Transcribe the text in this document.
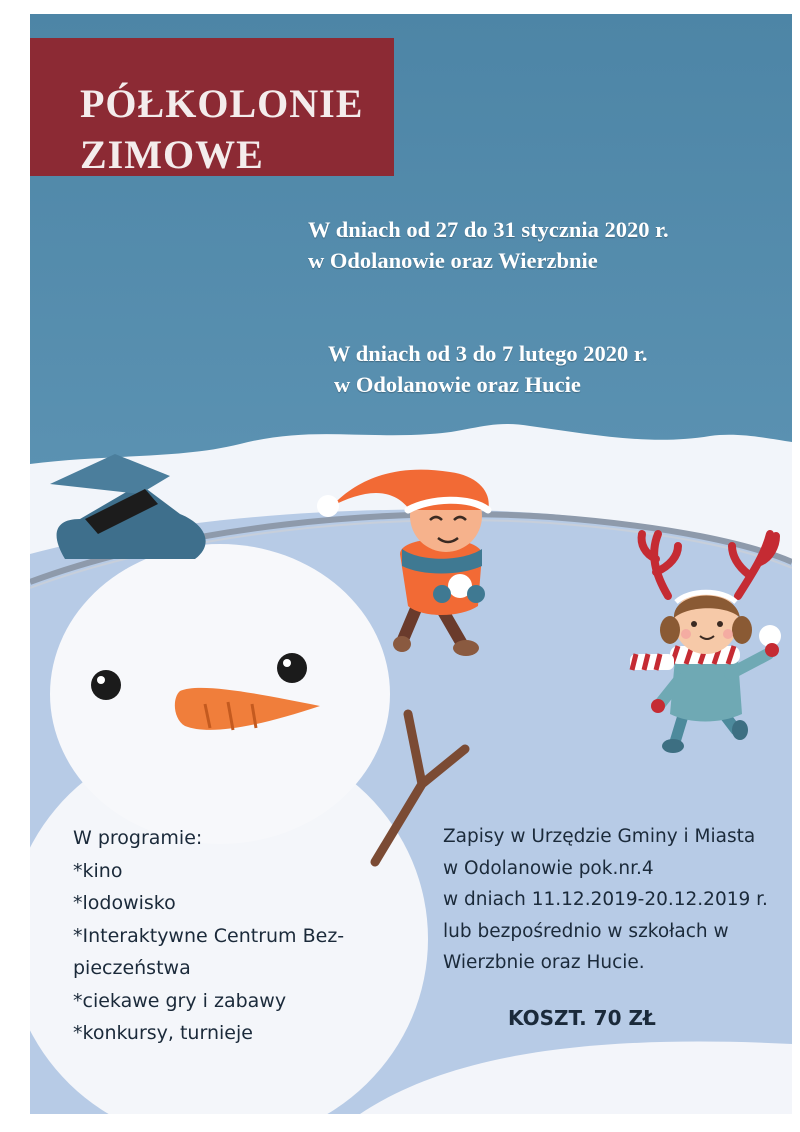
PÓŁKOLONIE
ZIMOWE
W dniach od 27 do 31 stycznia 2020 r.
w Odolanowie oraz Wierzbnie
W dniach od 3 do 7 lutego 2020 r.
w Odolanowie oraz Hucie
W programie:
*kino
*lodowisko
*Interaktywne Centrum Bez-
pieczeństwa
*ciekawe gry i zabawy
*konkursy, turnieje
Zapisy w Urzędzie Gminy i Miasta
w Odolanowie pok.nr.4
w dniach 11.12.2019-20.12.2019 r.
lub bezpośrednio w szkołach w
Wierzbnie oraz Hucie.
KOSZT. 70 ZŁ
